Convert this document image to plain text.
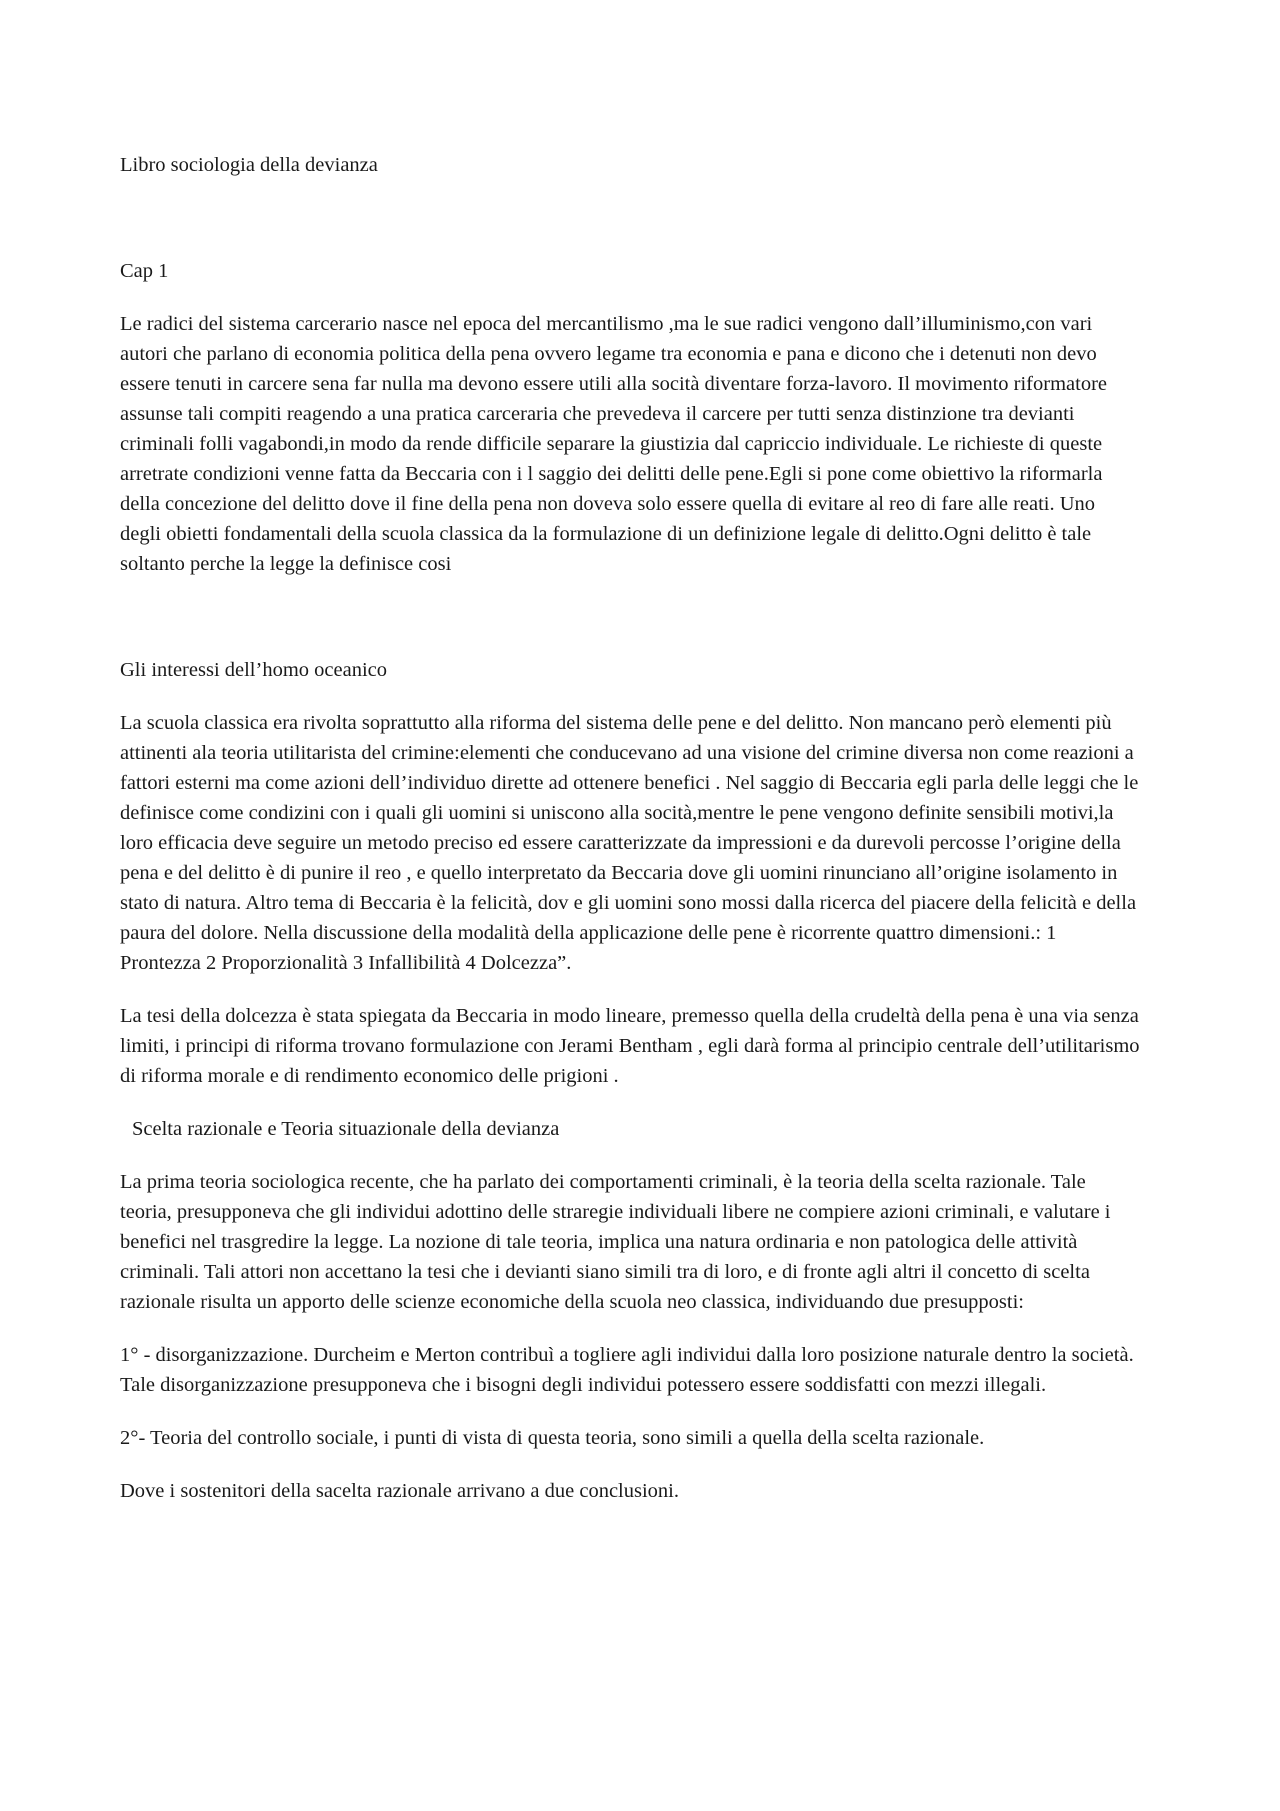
Libro sociologia della devianza
Cap 1

Le radici del sistema carcerario nasce nel epoca del mercantilismo ,ma le sue radici vengono dall’illuminismo,con vari autori che parlano di economia politica della pena ovvero legame tra economia e pana e dicono che i detenuti non devo essere tenuti in carcere sena far nulla ma devono essere utili alla socità diventare forza-lavoro. Il movimento riformatore assunse tali compiti reagendo a una pratica carceraria che prevedeva il carcere per tutti senza distinzione tra devianti criminali folli vagabondi,in modo da rende difficile separare la giustizia dal capriccio individuale. Le richieste di queste arretrate condizioni venne fatta da Beccaria con i l saggio dei delitti delle pene.Egli si pone come obiettivo la riformarla della concezione del delitto dove il fine della pena non doveva solo essere quella di evitare al reo di fare alle reati. Uno degli obietti fondamentali della scuola classica da la formulazione di un definizione legale di delitto.Ogni delitto è tale soltanto perche la legge la definisce cosi

Gli interessi dell’homo oceanico

La scuola classica era rivolta soprattutto alla riforma del sistema delle pene e del delitto. Non mancano però elementi più attinenti ala teoria utilitarista del crimine:elementi che conducevano ad una visione del crimine diversa non come reazioni a fattori esterni ma come azioni dell’individuo dirette ad ottenere benefici . Nel saggio di Beccaria egli parla delle leggi che le definisce come condizini con i quali gli uomini si uniscono alla socità,mentre le pene vengono definite sensibili motivi,la loro efficacia deve seguire un metodo preciso ed essere caratterizzate da impressioni e da durevoli percosse l’origine della pena e del delitto è di punire il reo , e quello interpretato da Beccaria dove gli uomini rinunciano all’origine isolamento in stato di natura. Altro tema di Beccaria è la felicità, dov e gli uomini sono mossi dalla ricerca del piacere della felicità e della paura del dolore. Nella discussione della modalità della applicazione delle pene è ricorrente quattro dimensioni.: 1 Prontezza 2 Proporzionalità 3 Infallibilità 4 Dolcezza”.

La tesi della dolcezza è stata spiegata da Beccaria in modo lineare, premesso quella della crudeltà della pena è una via senza limiti, i principi di riforma trovano formulazione con Jerami Bentham , egli darà forma al principio centrale dell’utilitarismo di riforma morale e di rendimento economico delle prigioni .

Scelta razionale e Teoria situazionale della devianza

La prima teoria sociologica recente, che ha parlato dei comportamenti criminali, è la teoria della scelta razionale. Tale teoria, presupponeva che gli individui adottino delle straregie individuali libere ne compiere azioni criminali, e valutare i benefici nel trasgredire la legge. La nozione di tale teoria, implica una natura ordinaria e non patologica delle attività criminali. Tali attori non accettano la tesi che i devianti siano simili tra di loro, e di fronte agli altri il concetto di scelta razionale risulta un apporto delle scienze economiche della scuola neo classica, individuando due presupposti:

1° - disorganizzazione. Durcheim e Merton contribuì a togliere agli individui dalla loro posizione naturale dentro la società. Tale disorganizzazione presupponeva che i bisogni degli individui potessero essere soddisfatti con mezzi illegali.

2°- Teoria del controllo sociale, i punti di vista di questa teoria, sono simili a quella della scelta razionale.

Dove i sostenitori della sacelta razionale arrivano a due conclusioni.
